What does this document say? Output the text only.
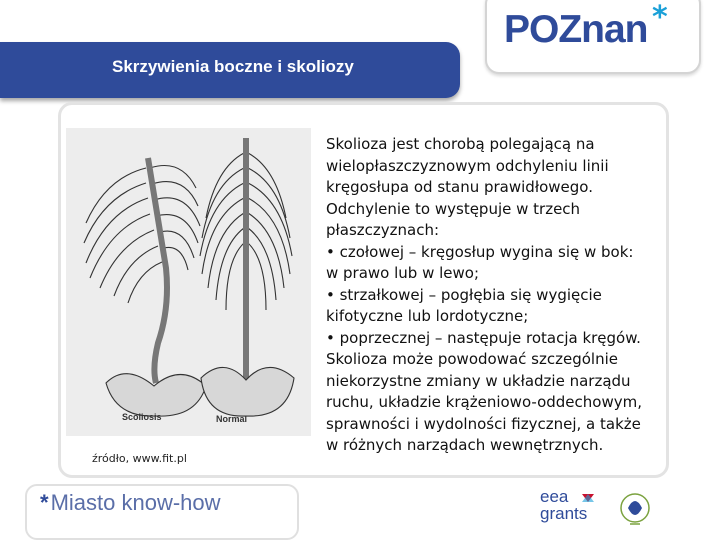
Skrzywienia boczne i skoliozy
POZnan *
Scoliosis	Normal
źródło, www.fit.pl
Skolioza jest chorobą polegającą na
wielopłaszczyznowym odchyleniu linii
kręgosłupa od stanu prawidłowego.
Odchylenie to występuje w trzech
płaszczyznach:
• czołowej – kręgosłup wygina się w bok:
w prawo lub w lewo;
• strzałkowej – pogłębia się wygięcie
kifotyczne lub lordotyczne;
• poprzecznej – następuje rotacja kręgów.
Skolioza może powodować szczególnie
niekorzystne zmiany w układzie narządu
ruchu, układzie krążeniowo-oddechowym,
sprawności i wydolności fizycznej, a także
w różnych narządach wewnętrznych.
*Miasto know-how	eea
grants
